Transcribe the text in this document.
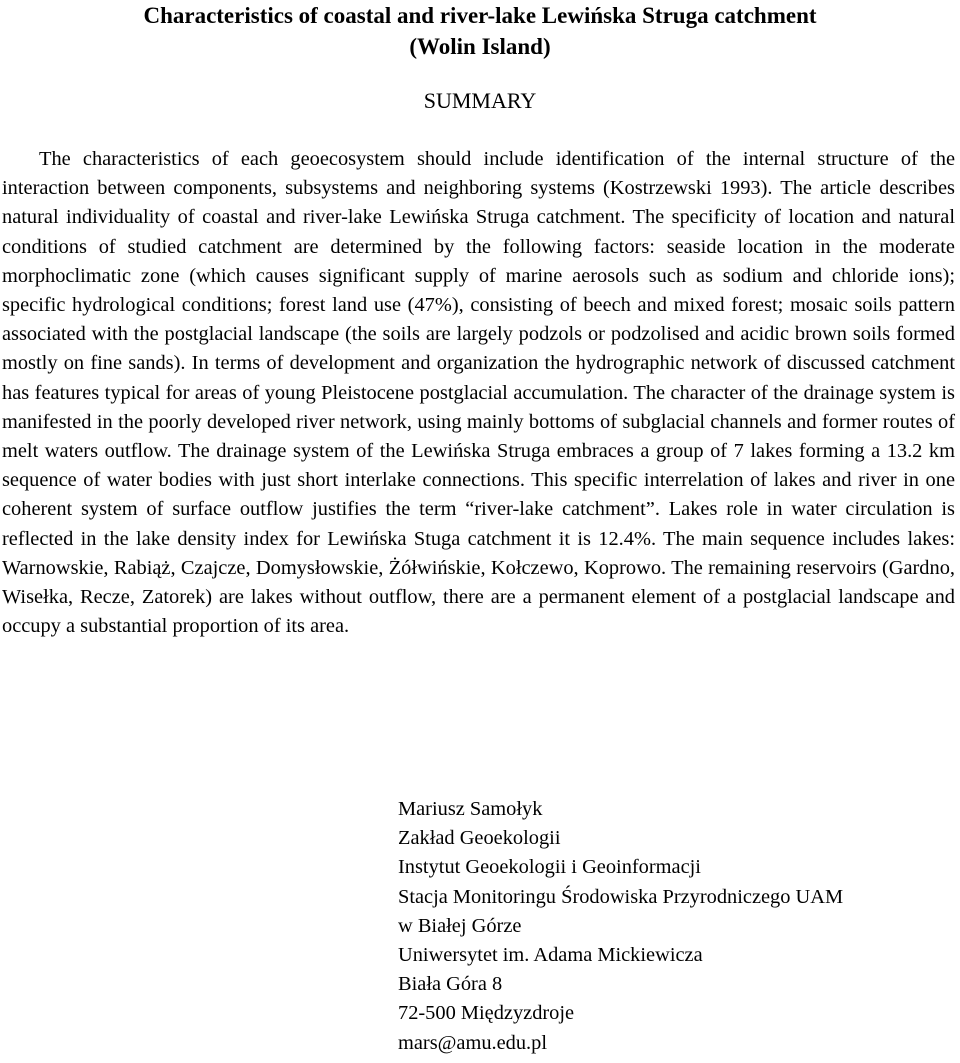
Characteristics of coastal and river-lake Lewińska Struga catchment
(Wolin Island)
SUMMARY

The characteristics of each geoecosystem should include identification of the internal structure of the interaction between components, subsystems and neighboring systems (Kostrzewski 1993). The article describes natural individuality of coastal and river-lake Lewińska Struga catchment. The specificity of location and natural conditions of studied catchment are determined by the following factors: seaside location in the moderate morphoclimatic zone (which causes significant supply of marine aerosols such as sodium and chloride ions); specific hydrological conditions; forest land use (47%), consisting of beech and mixed forest; mosaic soils pattern associated with the postglacial landscape (the soils are largely podzols or podzolised and acidic brown soils formed mostly on fine sands). In terms of development and organization the hydrographic network of discussed catchment has features typical for areas of young Pleistocene postglacial accumulation. The character of the drainage system is manifested in the poorly developed river network, using mainly bottoms of subglacial channels and former routes of melt waters outflow. The drainage system of the Lewińska Struga embraces a group of 7 lakes forming a 13.2 km sequence of water bodies with just short interlake connections. This specific interrelation of lakes and river in one coherent system of surface outflow justifies the term “river-lake catchment”. Lakes role in water circulation is reflected in the lake density index for Lewińska Stuga catchment it is 12.4%. The main sequence includes lakes: Warnowskie, Rabiąż, Czajcze, Domysłowskie, Żółwińskie, Kołczewo, Koprowo. The remaining reservoirs (Gardno, Wisełka, Recze, Zatorek) are lakes without outflow, there are a permanent element of a postglacial landscape and occupy a substantial proportion of its area.

Mariusz Samołyk
Zakład Geoekologii
Instytut Geoekologii i Geoinformacji
Stacja Monitoringu Środowiska Przyrodniczego UAM
w Białej Górze
Uniwersytet im. Adama Mickiewicza
Biała Góra 8
72-500 Międzyzdroje
mars@amu.edu.pl
